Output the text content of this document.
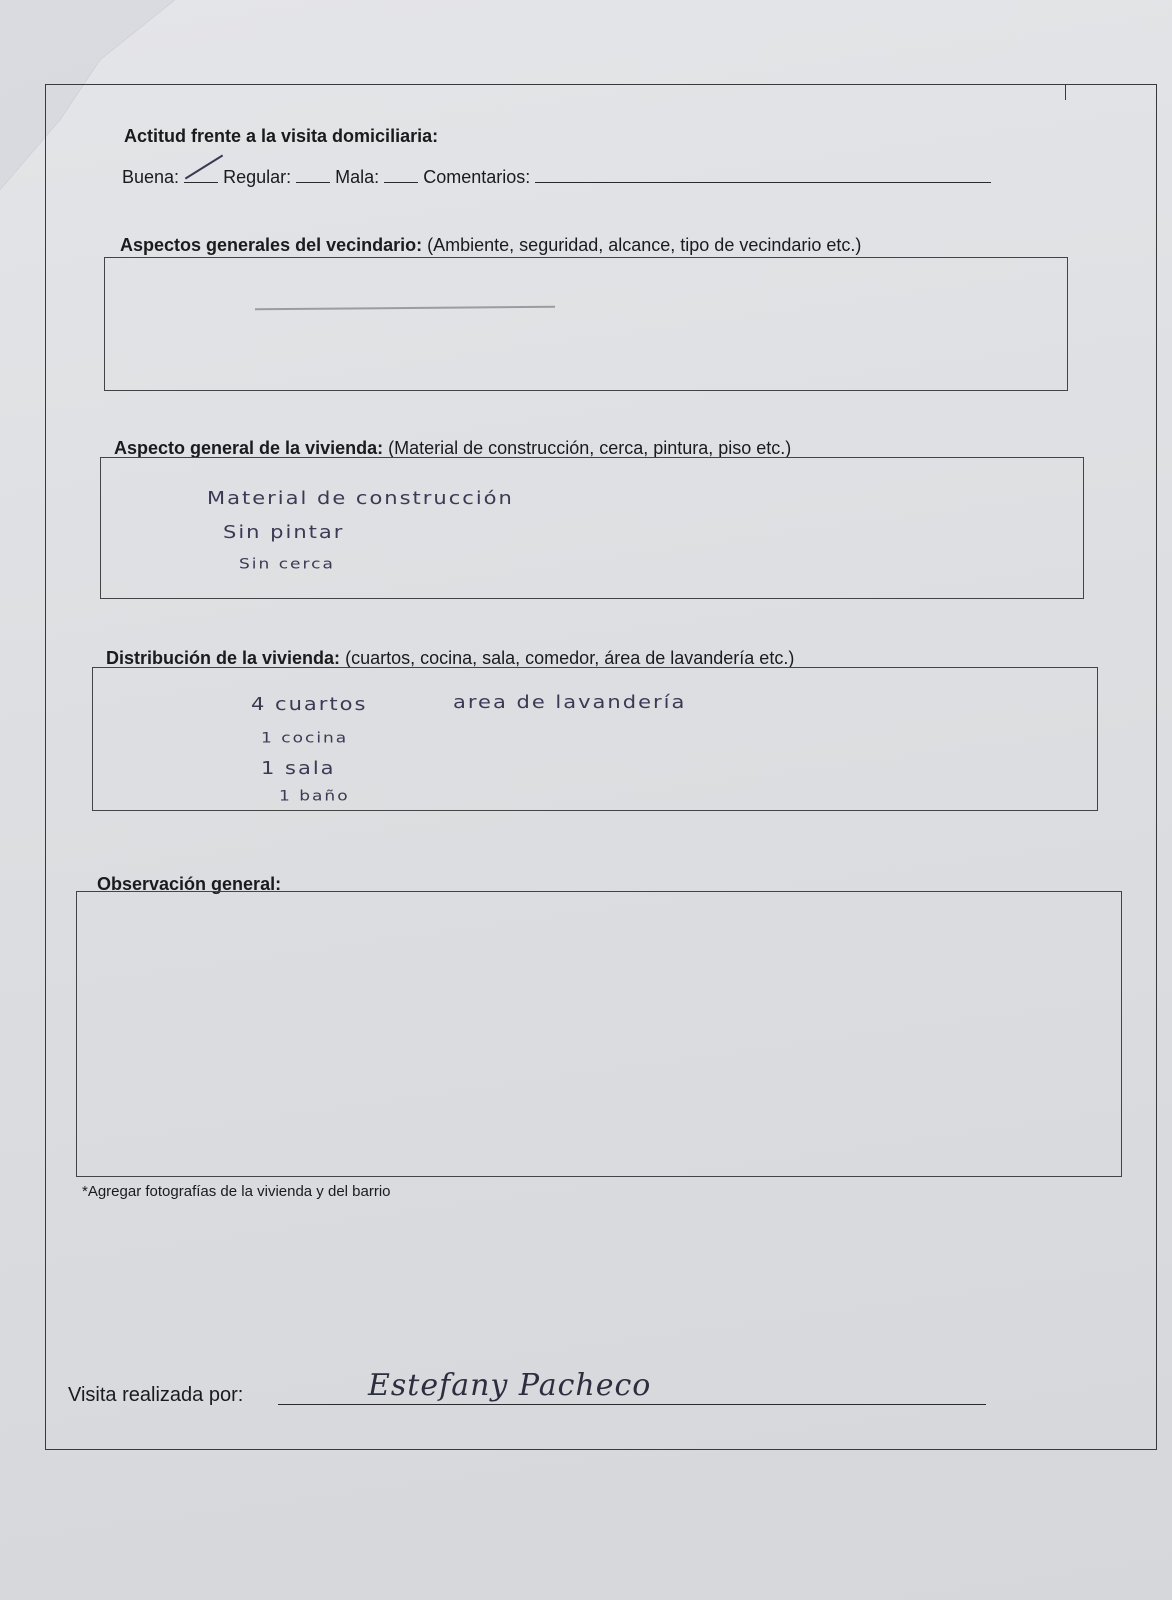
Actitud frente a la visita domiciliaria:
Buena: Regular: Mala: Comentarios:
Aspectos generales del vecindario: (Ambiente, seguridad, alcance, tipo de vecindario etc.)
Aspecto general de la vivienda: (Material de construcción, cerca, pintura, piso etc.)
Material de construcción
Sin pintar
Sin cerca
Distribución de la vivienda: (cuartos, cocina, sala, comedor, área de lavandería etc.)
4 cuartos	area de lavandería
1 cocina
1 sala
1 baño
Observación general:
*Agregar fotografías de la vivienda y del barrio
Visita realizada por:	Estefany Pacheco
